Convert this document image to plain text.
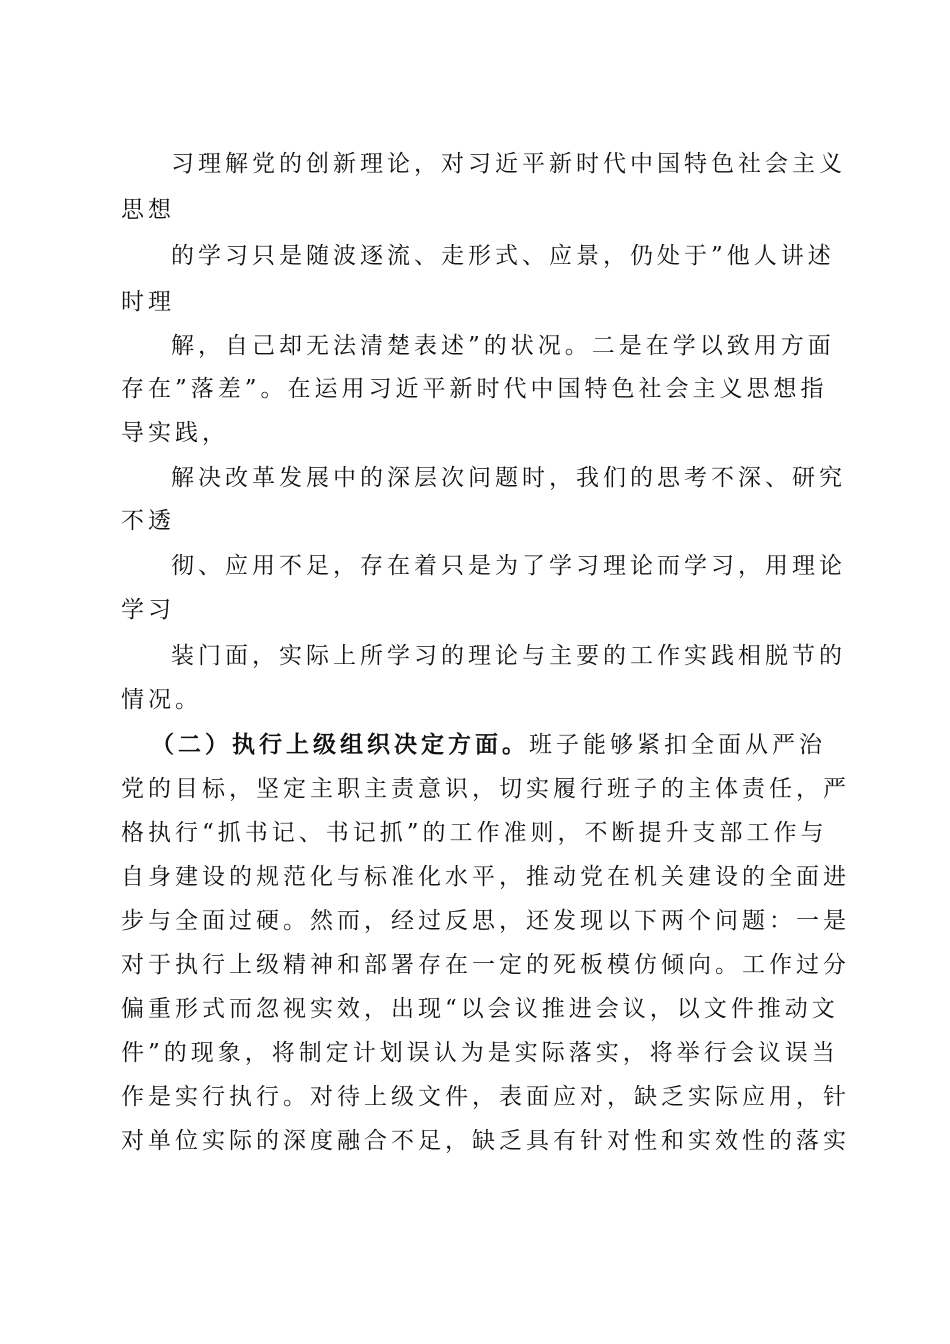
习理解党的创新理论，对习近平新时代中国特色社会主义
思想
的学习只是随波逐流、走形式、应景，仍处于”他人讲述
时理
解，自己却无法清楚表述”的状况。二是在学以致用方面
存在”落差”。在运用习近平新时代中国特色社会主义思想指
导实践，
解决改革发展中的深层次问题时，我们的思考不深、研究
不透
彻、应用不足，存在着只是为了学习理论而学习，用理论
学习
装门面，实际上所学习的理论与主要的工作实践相脱节的
情况。
（二）执行上级组织决定方面。班子能够紧扣全面从严治
党的目标，坚定主职主责意识，切实履行班子的主体责任，严
格执行“抓书记、书记抓”的工作准则，不断提升支部工作与
自身建设的规范化与标准化水平，推动党在机关建设的全面进
步与全面过硬。然而，经过反思，还发现以下两个问题：一是
对于执行上级精神和部署存在一定的死板模仿倾向。工作过分
偏重形式而忽视实效，出现“以会议推进会议，以文件推动文
件”的现象，将制定计划误认为是实际落实，将举行会议误当
作是实行执行。对待上级文件，表面应对，缺乏实际应用，针
对单位实际的深度融合不足，缺乏具有针对性和实效性的落实
